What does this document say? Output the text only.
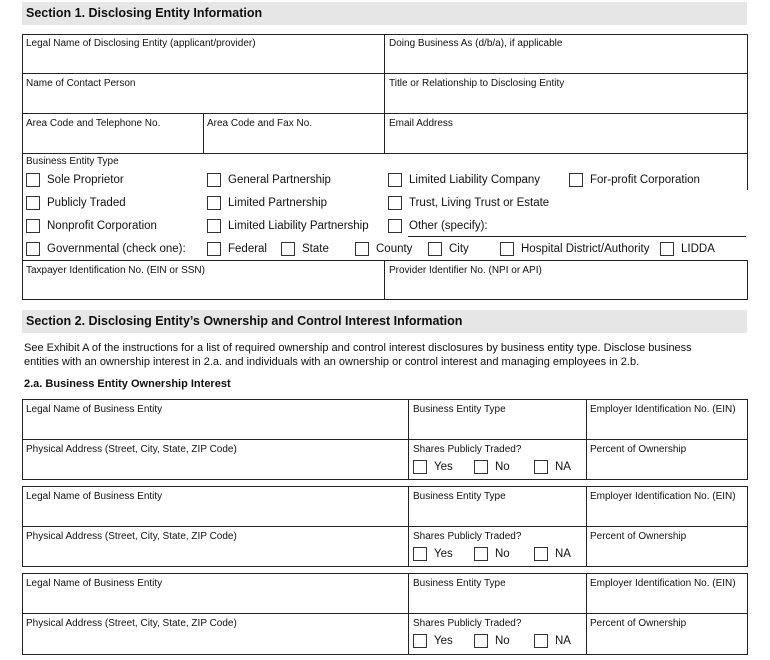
Section 1. Disclosing Entity Information
Legal Name of Disclosing Entity (applicant/provider)	Doing Business As (d/b/a), if applicable
Name of Contact Person	Title or Relationship to Disclosing Entity
Area Code and Telephone No.	Area Code and Fax No.	Email Address
Business Entity Type
Sole Proprietor	General Partnership	Limited Liability Company	For-profit Corporation
Publicly Traded	Limited Partnership	Trust, Living Trust or Estate
Nonprofit Corporation	Limited Liability Partnership	Other (specify):
Governmental (check one):	Federal	State	County	City	Hospital District/Authority	LIDDA
Taxpayer Identification No. (EIN or SSN)	Provider Identifier No. (NPI or API)
Section 2. Disclosing Entity’s Ownership and Control Interest Information
See Exhibit A of the instructions for a list of required ownership and control interest disclosures by business entity type. Disclose business
entities with an ownership interest in 2.a. and individuals with an ownership or control interest and managing employees in 2.b.
2.a. Business Entity Ownership Interest
Legal Name of Business Entity	Business Entity Type	Employer Identification No. (EIN)
Physical Address (Street, City, State, ZIP Code)	Shares Publicly Traded?	Percent of Ownership
Yes	No	NA
Legal Name of Business Entity	Business Entity Type	Employer Identification No. (EIN)
Physical Address (Street, City, State, ZIP Code)	Shares Publicly Traded?	Percent of Ownership
Yes	No	NA
Legal Name of Business Entity	Business Entity Type	Employer Identification No. (EIN)
Physical Address (Street, City, State, ZIP Code)	Shares Publicly Traded?	Percent of Ownership
Yes	No	NA
